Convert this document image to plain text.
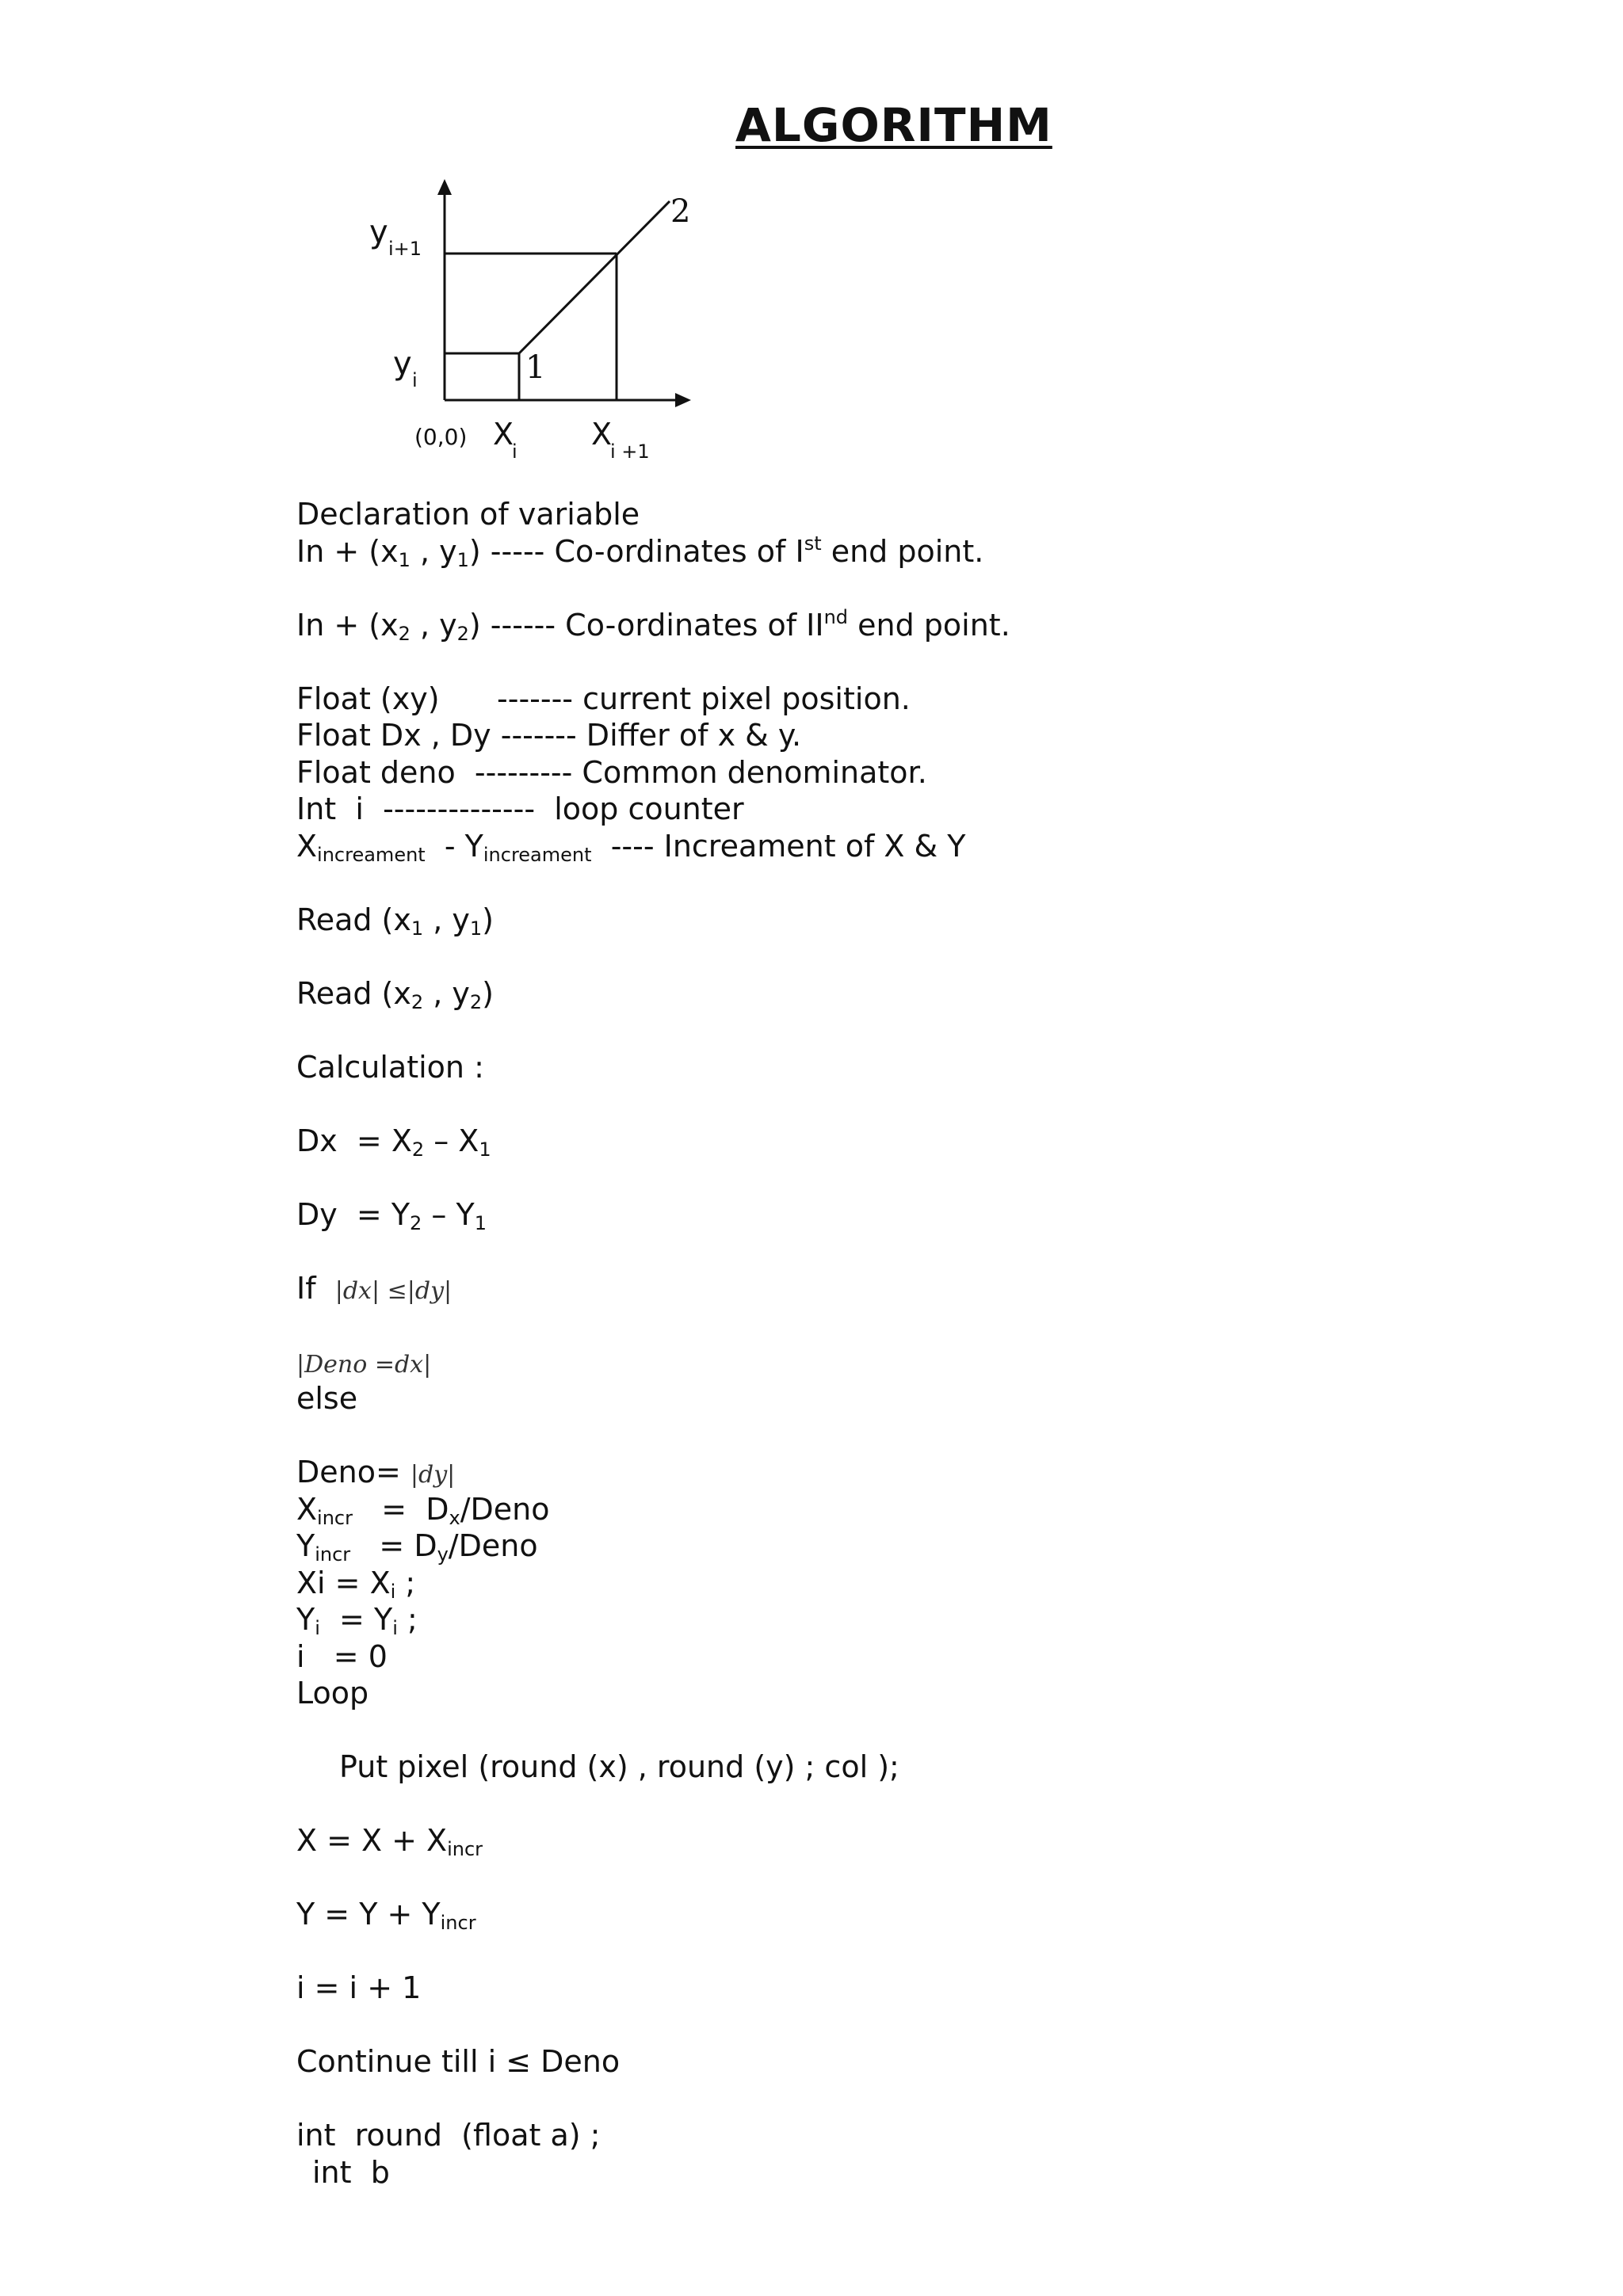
ALGORITHM
y i+1
y i
(0,0) X
i X
i +1
1
2
Declaration of variable
$In + (x_1$ , $y_1$) ----- Co-ordinates of Ist end point.
$In + (x_2$ , $y_2$) ------ Co-ordinates of IInd end point.
Float (xy)      ------- current pixel position.
Float Dx , Dy ------- Differ of x & y.
Float deno  --------- Common denominator.
Int  i  --------------  loop counter
$X_{increament} - Y_{increament}$  ---- Increament of X & Y
Read ($x_1$ , $y_1$)
Read ($x_2$ , $y_2$)
Calculation :
$Dx = X_2 - X_1$
$Dy = Y_2 - Y_1$
If  |dx| ≤|dy|
|Deno =dx|
else
Deno= |dy|
$X_{incr}$   =  $D_x$/Deno
$Y_{incr}$   = $D_y$/Deno
$Xi = X_i$ ;
$Y_i = Y_i$ ;
i   = 0
Loop
Put pixel (round (x) , round (y) ; col );
$X = X + X_{incr}$
$Y = Y + Y_{incr}$
i = i + 1
Continue till i ≤ Deno
int  round  (float a) ;
int  b
